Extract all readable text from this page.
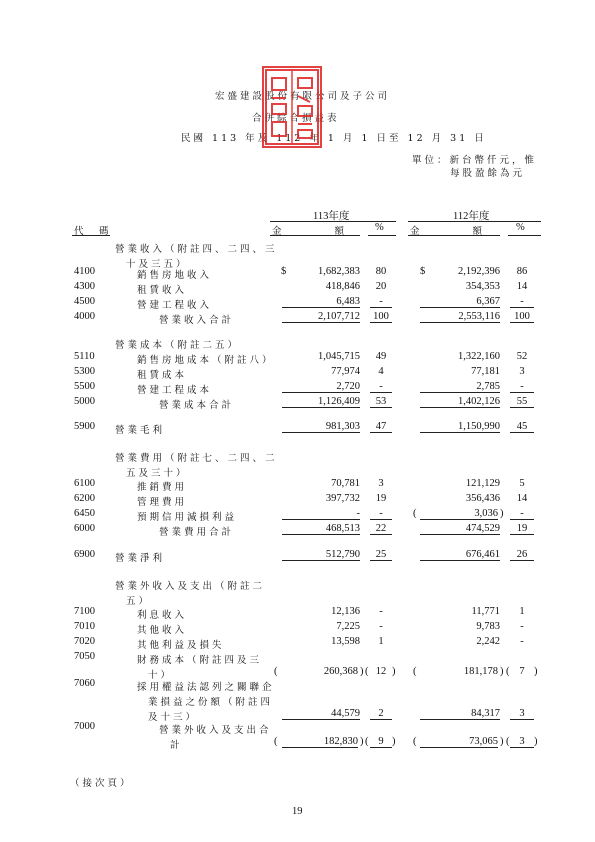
宏盛建設股份有限公司及子公司
合併綜合損益表
民國 113 年及 112 年 1 月 1 日至 12 月 31 日
單位：新台幣仟元，惟
每股盈餘為元
113年度	112年度
代　碼	金　　　　額	%	金　　　　額	%
營業收入（附註四、二四、三
十及三五）
4100	銷售房地收入	$	1,682,383	80	$	2,192,396	86
4300	租賃收入	418,846	20	354,353	14
4500	營建工程收入	6,483	-	6,367	-
4000	營業收入合計	2,107,712 100	2,553,116	100
營業成本（附註二五）
5110	銷售房地成本（附註八）	1,045,715	49	1,322,160	52
5300	租賃成本	77,974	4	77,181	3
5500	營建工程成本	2,720	-	2,785	-
5000	營業成本合計	1,126,409	53	1,402,126	55
5900 營業毛利	981,303	47	1,150,990	45
營業費用（附註七、二四、二
五及三十）
6100	推銷費用	70,781	3	121,129	5
6200	管理費用	397,732	19	356,436	14
6450	預期信用減損利益	-	-	(	3,036 )	-
6000	營業費用合計	468,513	22	474,529	19
6900 營業淨利	512,790	25	676,461	26
營業外收入及支出（附註二
五）
7100	利息收入	12,136	-	11,771	1
7010	其他收入	7,225	-	9,783	-
7020	其他利益及損失	13,598	1	2,242	-
7050	財務成本（附註四及三
十）	(	260,368 ) ( 12 ) (	181,178 ) ( 7 )
7060	採用權益法認列之關聯企
業損益之份額（附註四
及十三）	44,579	2	84,317	3
7000	營業外收入及支出合
計	(	182,830 ) ( 9 ) (	73,065 ) ( 3 )
（接次頁）
19
